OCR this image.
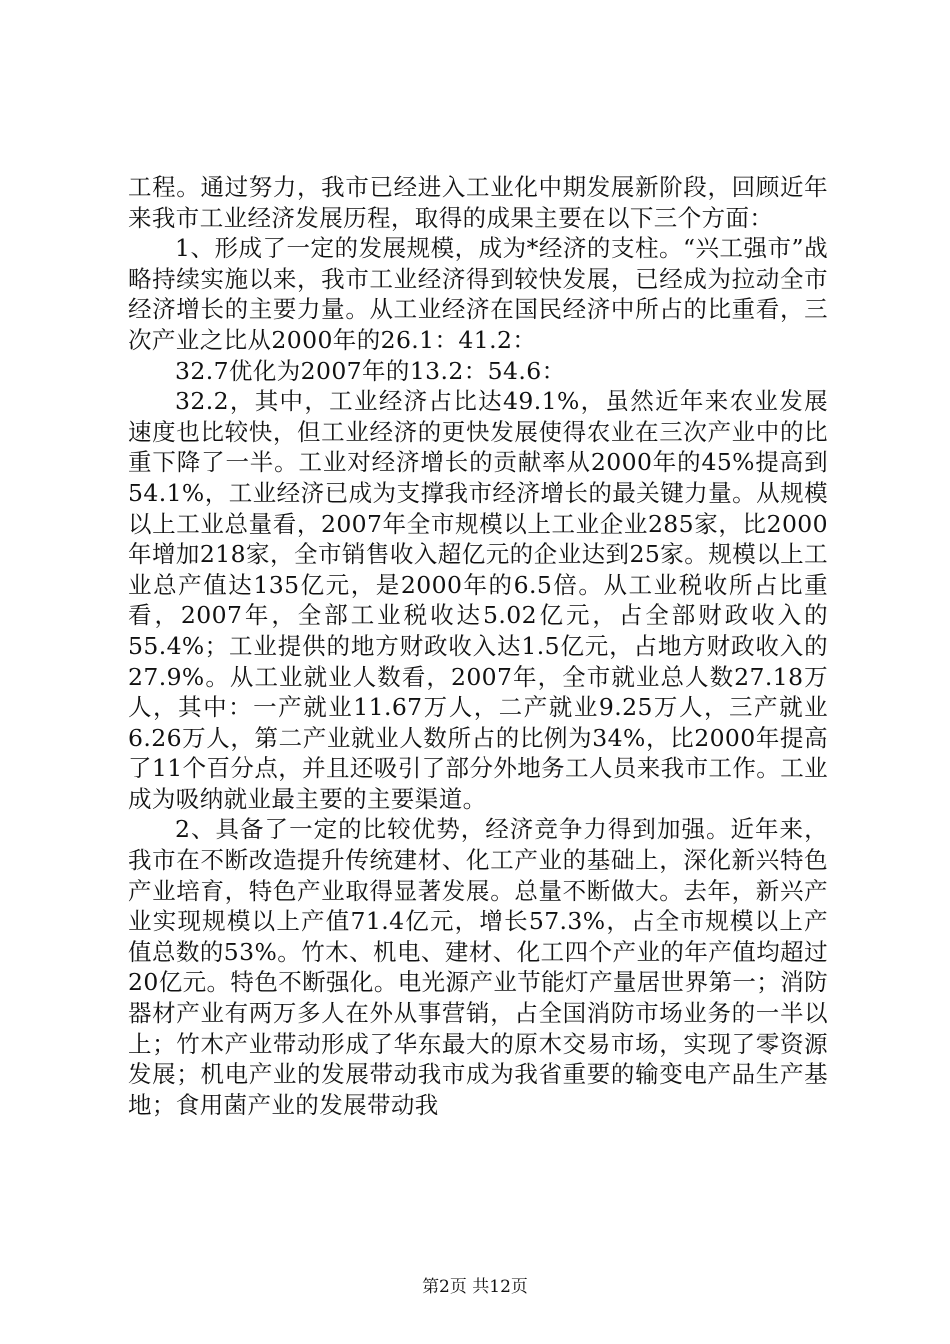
工程。通过努力，我市已经进入工业化中期发展新阶段，回顾近年来我市工业经济发展历程，取得的成果主要在以下三个方面：

1、形成了一定的发展规模，成为*经济的支柱。“兴工强市”战略持续实施以来，我市工业经济得到较快发展，已经成为拉动全市经济增长的主要力量。从工业经济在国民经济中所占的比重看，三次产业之比从2000年的26.1：41.2：

32.7优化为2007年的13.2：54.6：

32.2，其中，工业经济占比达49.1%，虽然近年来农业发展速度也比较快，但工业经济的更快发展使得农业在三次产业中的比重下降了一半。工业对经济增长的贡献率从2000年的45%提高到54.1%，工业经济已成为支撑我市经济增长的最关键力量。从规模以上工业总量看，2007年全市规模以上工业企业285家，比2000年增加218家，全市销售收入超亿元的企业达到25家。规模以上工业总产值达135亿元，是2000年的6.5倍。从工业税收所占比重看，2007年，全部工业税收达5.02亿元，占全部财政收入的55.4%；工业提供的地方财政收入达1.5亿元，占地方财政收入的27.9%。从工业就业人数看，2007年，全市就业总人数27.18万人，其中：一产就业11.67万人，二产就业9.25万人，三产就业6.26万人，第二产业就业人数所占的比例为34%，比2000年提高了11个百分点，并且还吸引了部分外地务工人员来我市工作。工业成为吸纳就业最主要的主要渠道。

2、具备了一定的比较优势，经济竞争力得到加强。近年来，我市在不断改造提升传统建材、化工产业的基础上，深化新兴特色产业培育，特色产业取得显著发展。总量不断做大。去年，新兴产业实现规模以上产值71.4亿元，增长57.3%，占全市规模以上产值总数的53%。竹木、机电、建材、化工四个产业的年产值均超过20亿元。特色不断强化。电光源产业节能灯产量居世界第一；消防器材产业有两万多人在外从事营销，占全国消防市场业务的一半以上；竹木产业带动形成了华东最大的原木交易市场，实现了零资源发展；机电产业的发展带动我市成为我省重要的输变电产品生产基地；食用菌产业的发展带动我

第2页 共12页
